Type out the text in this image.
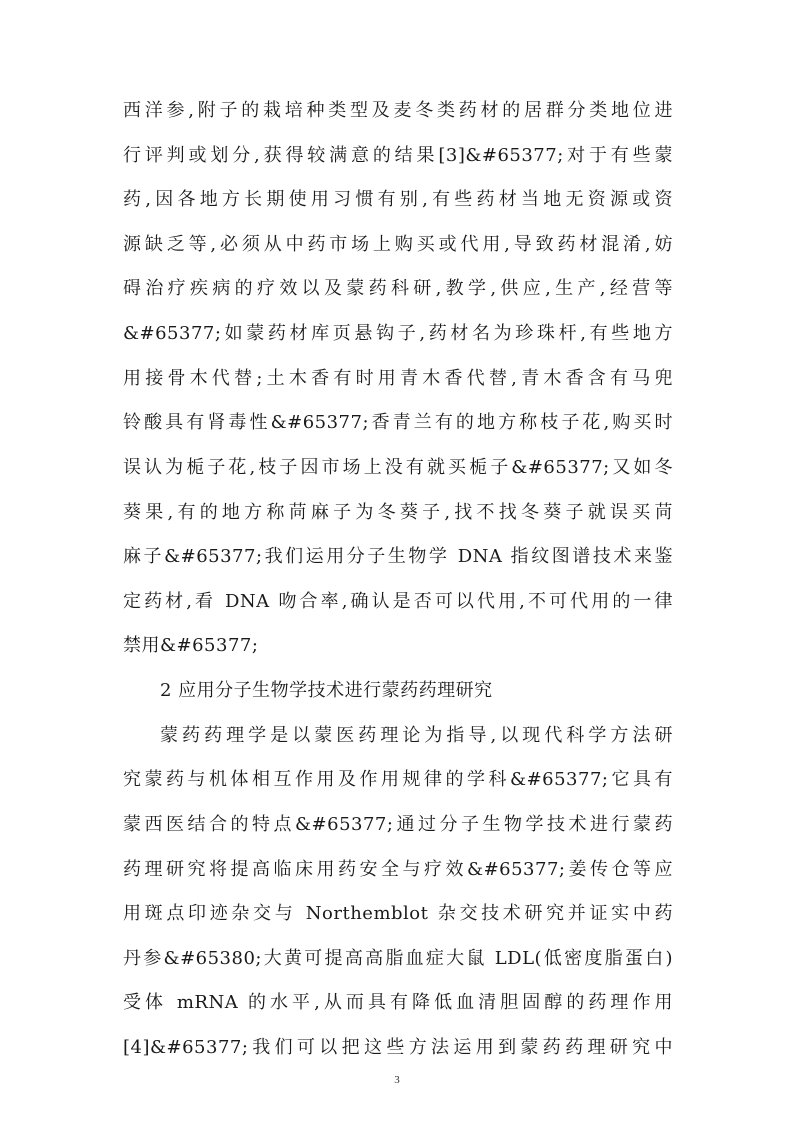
西洋参,附子的栽培种类型及麦冬类药材的居群分类地位进
行评判或划分,获得较满意的结果[3]&#65377;对于有些蒙
药,因各地方长期使用习惯有别,有些药材当地无资源或资
源缺乏等,必须从中药市场上购买或代用,导致药材混淆,妨
碍治疗疾病的疗效以及蒙药科研,教学,供应,生产,经营等
&#65377;如蒙药材库页悬钩子,药材名为珍珠杆,有些地方
用接骨木代替;土木香有时用青木香代替,青木香含有马兜
铃酸具有肾毒性&#65377;香青兰有的地方称枝子花,购买时
误认为栀子花,枝子因市场上没有就买栀子&#65377;又如冬
葵果,有的地方称苘麻子为冬葵子,找不找冬葵子就误买苘
麻子&#65377;我们运用分子生物学 DNA 指纹图谱技术来鉴
定药材,看 DNA 吻合率,确认是否可以代用,不可代用的一律
禁用&#65377;
2 应用分子生物学技术进行蒙药药理研究
蒙药药理学是以蒙医药理论为指导,以现代科学方法研
究蒙药与机体相互作用及作用规律的学科&#65377;它具有
蒙西医结合的特点&#65377;通过分子生物学技术进行蒙药
药理研究将提高临床用药安全与疗效&#65377;姜传仓等应
用斑点印迹杂交与 Northemblot 杂交技术研究并证实中药
丹参&#65380;大黄可提高高脂血症大鼠 LDL(低密度脂蛋白)
受体 mRNA 的水平,从而具有降低血清胆固醇的药理作用
[4]&#65377;我们可以把这些方法运用到蒙药药理研究中
3
